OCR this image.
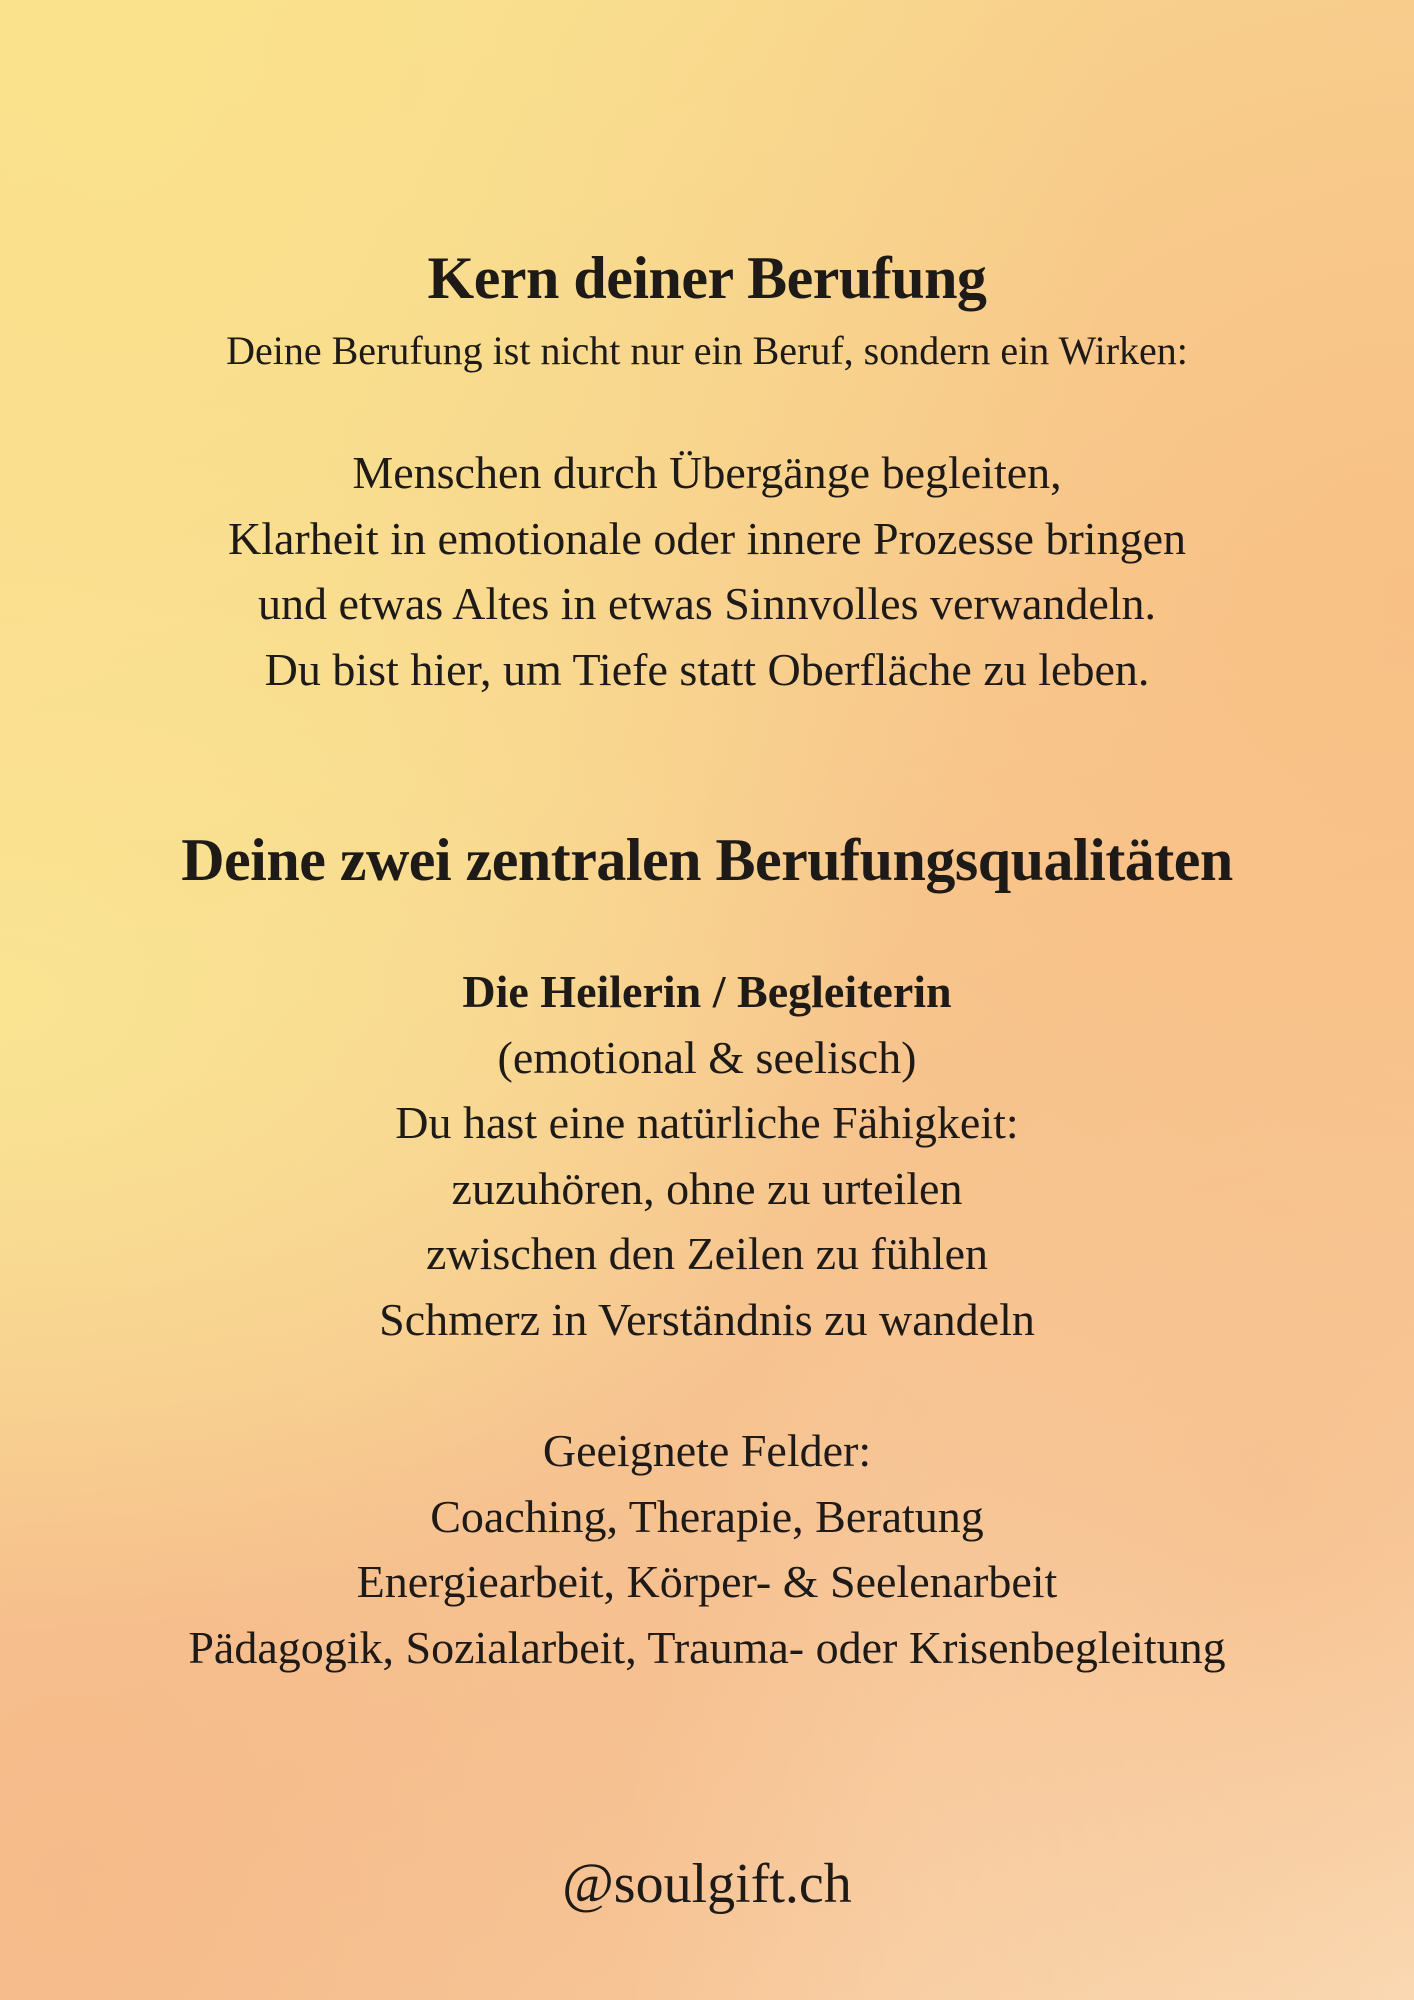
Kern deiner Berufung

Deine Berufung ist nicht nur ein Beruf, sondern ein Wirken:

Menschen durch Übergänge begleiten,
Klarheit in emotionale oder innere Prozesse bringen
und etwas Altes in etwas Sinnvolles verwandeln.
Du bist hier, um Tiefe statt Oberfläche zu leben.
Deine zwei zentralen Berufungsqualitäten
Die Heilerin / Begleiterin
(emotional & seelisch)
Du hast eine natürliche Fähigkeit:
zuzuhören, ohne zu urteilen
zwischen den Zeilen zu fühlen
Schmerz in Verständnis zu wandeln
Geeignete Felder:
Coaching, Therapie, Beratung
Energiearbeit, Körper- & Seelenarbeit
Pädagogik, Sozialarbeit, Trauma- oder Krisenbegleitung
@soulgift.ch
